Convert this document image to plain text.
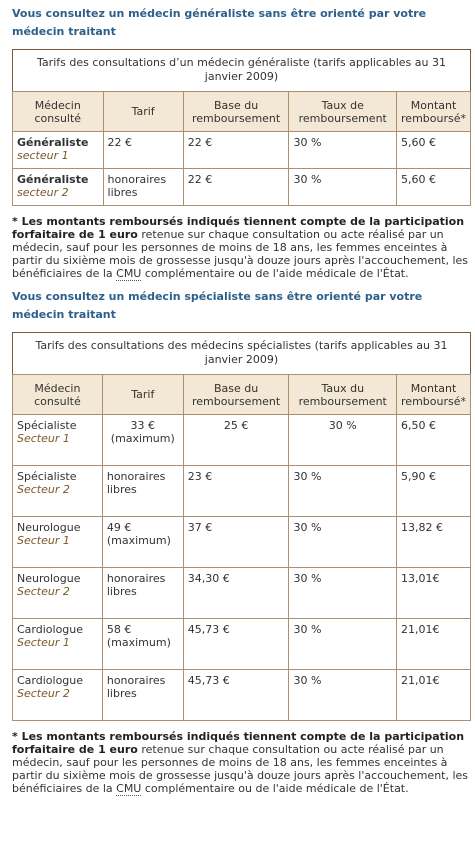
Vous consultez un médecin généraliste sans être orienté par votre médecin traitant
Tarifs des consultations d’un médecin généraliste (tarifs applicables au 31 janvier 2009)
Médecin consulté	Tarif	Base du remboursement	Taux de remboursement	Montant remboursé*
Généraliste
secteur 1	22 €	22 €	30 %	5,60 €
Généraliste
secteur 2	honoraires libres	22 €	30 %	5,60 €

* Les montants remboursés indiqués tiennent compte de la participation forfaitaire de 1 euro retenue sur chaque consultation ou acte réalisé par un médecin, sauf pour les personnes de moins de 18 ans, les femmes enceintes à partir du sixième mois de grossesse jusqu'à douze jours après l'accouchement, les bénéficiaires de la CMU complémentaire ou de l'aide médicale de l'État.

Vous consultez un médecin spécialiste sans être orienté par votre médecin traitant
Tarifs des consultations des médecins spécialistes (tarifs applicables au 31 janvier 2009)
Médecin consulté	Tarif	Base du remboursement	Taux du remboursement	Montant remboursé*
Spécialiste
Secteur 1	33 € (maximum)	25 €	30 %	6,50 €
Spécialiste
Secteur 2	honoraires libres	23 €	30 %	5,90 €
Neurologue
Secteur 1	49 € (maximum)	37 €	30 %	13,82 €
Neurologue
Secteur 2	honoraires libres	34,30 €	30 %	13,01€
Cardiologue
Secteur 1	58 € (maximum)	45,73 €	30 %	21,01€
Cardiologue
Secteur 2	honoraires libres	45,73 €	30 %	21,01€

* Les montants remboursés indiqués tiennent compte de la participation forfaitaire de 1 euro retenue sur chaque consultation ou acte réalisé par un médecin, sauf pour les personnes de moins de 18 ans, les femmes enceintes à partir du sixième mois de grossesse jusqu'à douze jours après l'accouchement, les bénéficiaires de la CMU complémentaire ou de l'aide médicale de l'État.
